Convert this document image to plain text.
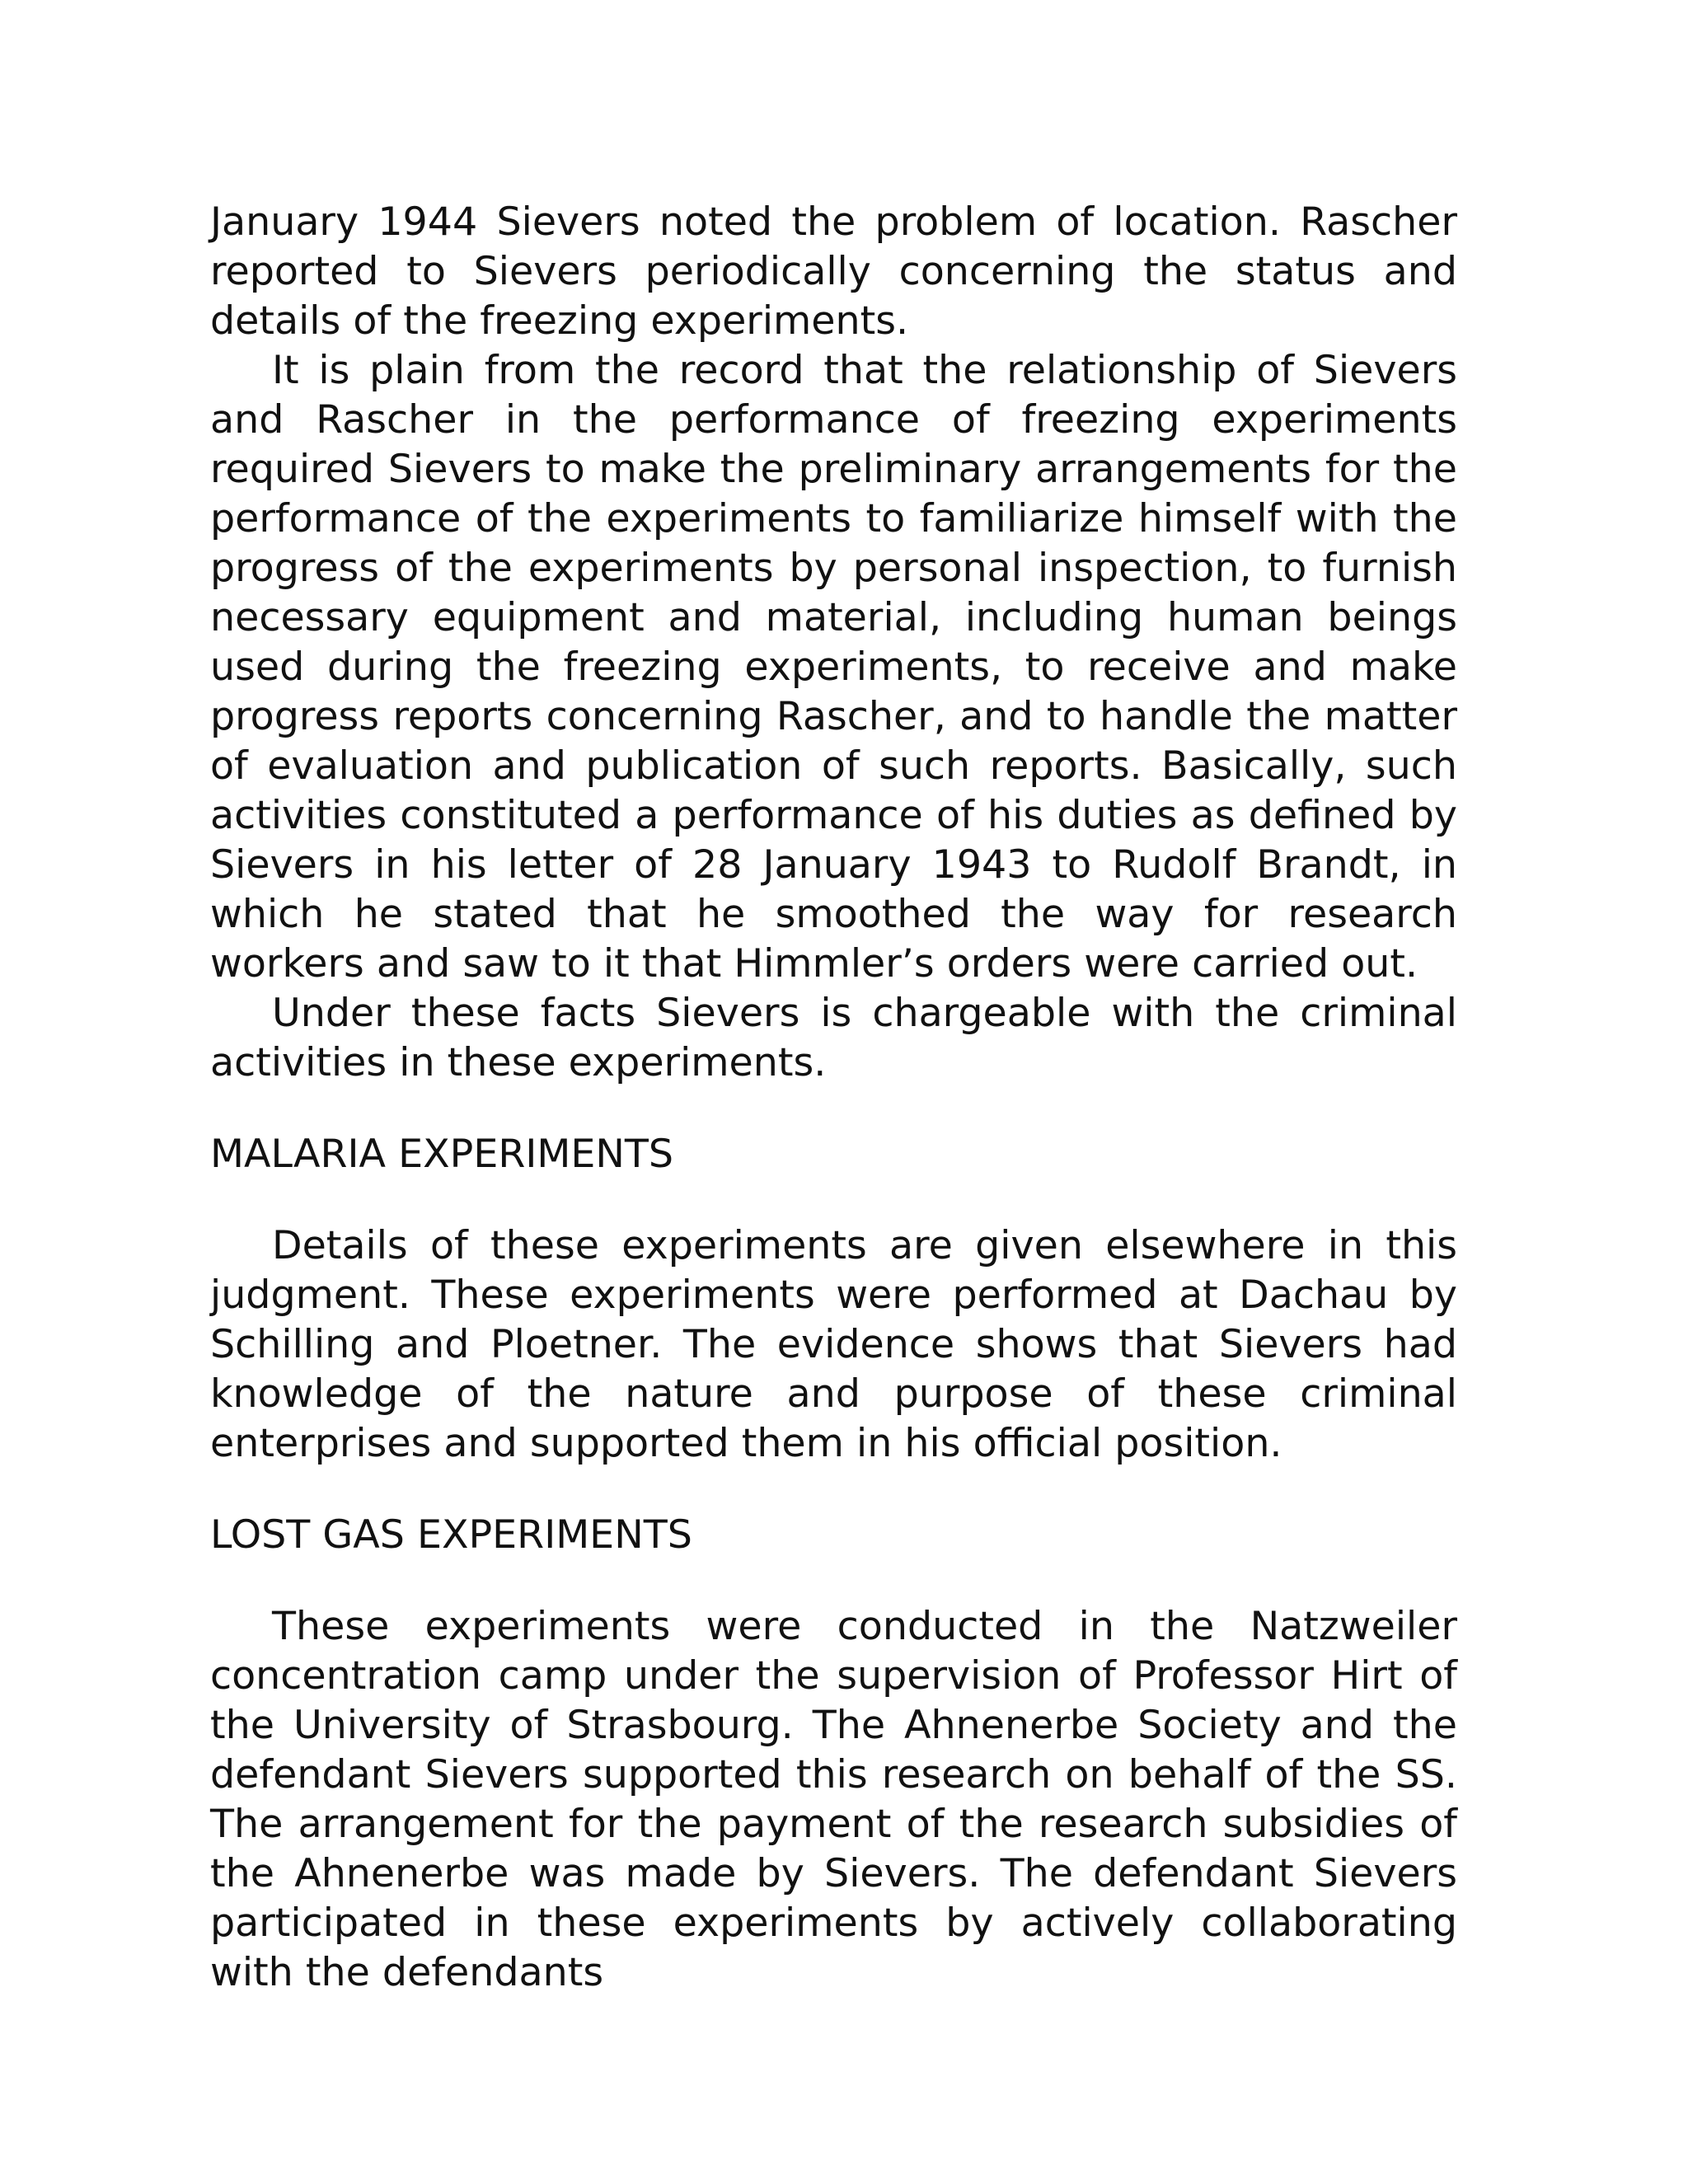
January 1944 Sievers noted the problem of location. Rascher reported to Sievers periodically concerning the status and details of the freezing experiments.

It is plain from the record that the relationship of Sievers and Rascher in the performance of freezing experiments required Sievers to make the preliminary arrangements for the performance of the experiments to familiarize himself with the progress of the experiments by personal inspection, to furnish necessary equipment and material, including human beings used during the freezing experiments, to receive and make progress reports concerning Rascher, and to handle the matter of evaluation and publication of such reports. Basically, such activities constituted a performance of his duties as defined by Sievers in his letter of 28 January 1943 to Rudolf Brandt, in which he stated that he smoothed the way for research workers and saw to it that Himmler’s orders were carried out.

Under these facts Sievers is chargeable with the criminal activities in these experiments.

MALARIA EXPERIMENTS

Details of these experiments are given elsewhere in this judgment. These experiments were performed at Dachau by Schilling and Ploetner. The evidence shows that Sievers had knowledge of the nature and purpose of these criminal enterprises and supported them in his official position.

LOST GAS EXPERIMENTS

These experiments were conducted in the Natzweiler concentration camp under the supervision of Professor Hirt of the University of Strasbourg. The Ahnenerbe Society and the defendant Sievers supported this research on behalf of the SS. The arrangement for the payment of the research subsidies of the Ahnenerbe was made by Sievers. The defendant Sievers participated in these experiments by actively collaborating with the defendants
